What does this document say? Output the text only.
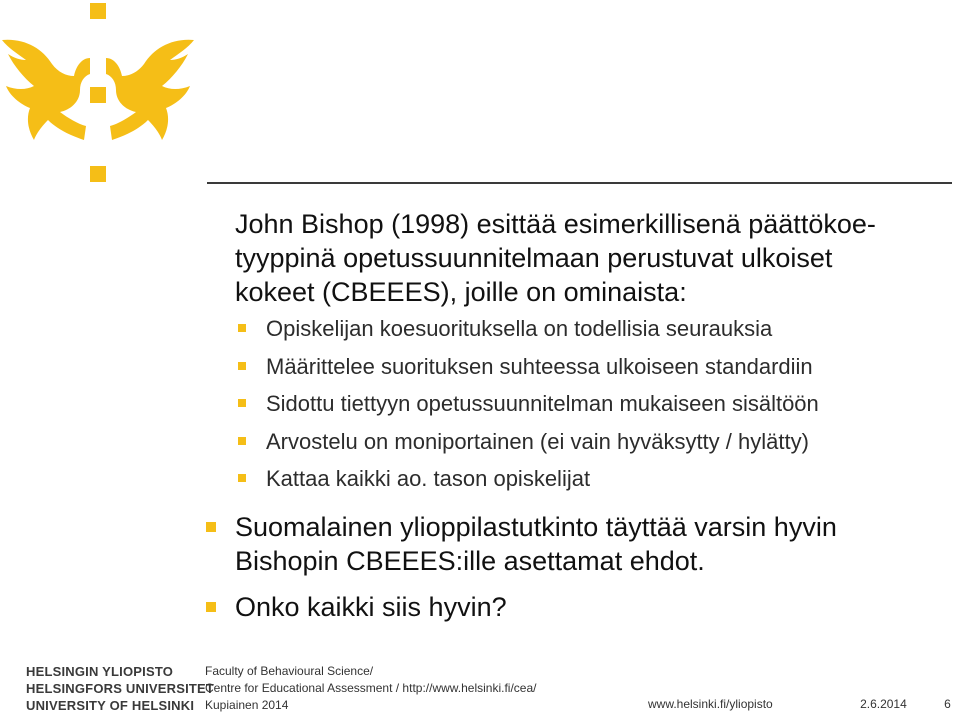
John Bishop (1998) esittää esimerkillisenä päättökoe-
tyyppinä opetussuunnitelmaan perustuvat ulkoiset
kokeet (CBEEES), joille on ominaista:
Opiskelijan koesuorituksella on todellisia seurauksia
Määrittelee suorituksen suhteessa ulkoiseen standardiin
Sidottu tiettyyn opetussuunnitelman mukaiseen sisältöön
Arvostelu on moniportainen (ei vain hyväksytty / hylätty)
Kattaa kaikki ao. tason opiskelijat
Suomalainen ylioppilastutkinto täyttää varsin hyvin
Bishopin CBEEES:ille asettamat ehdot.
Onko kaikki siis hyvin?
HELSINGIN YLIOPISTO
HELSINGFORS UNIVERSITET
UNIVERSITY OF HELSINKI
Faculty of Behavioural Science/
Centre for Educational Assessment / http://www.helsinki.fi/cea/
Kupiainen 2014	www.helsinki.fi/yliopisto	2.6.2014	6
